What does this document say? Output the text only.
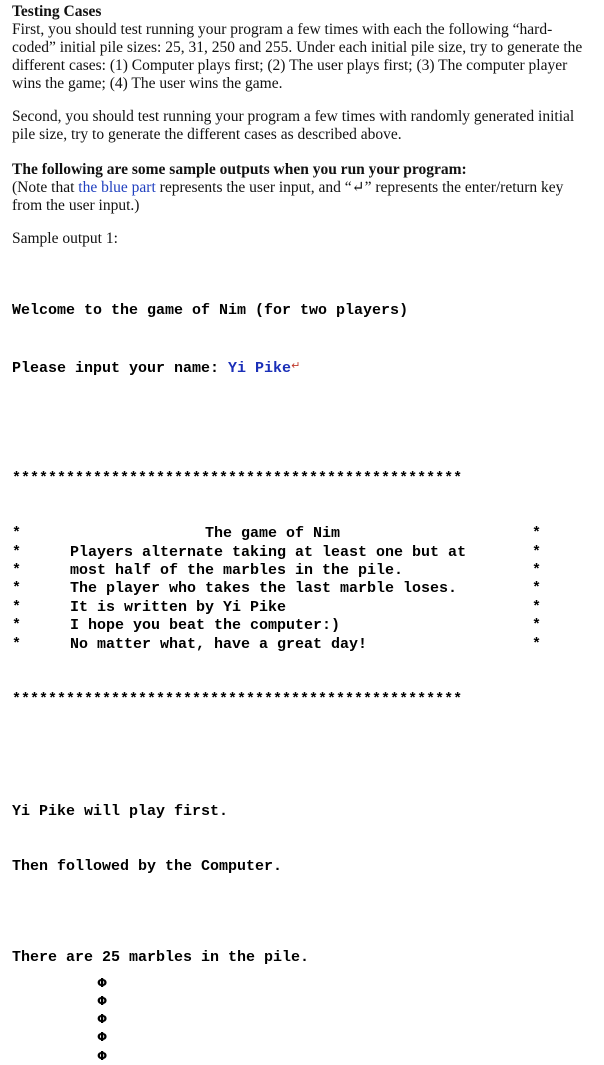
Testing Cases

First, you should test running your program a few times with each the following “hard-coded” initial pile sizes: 25, 31, 250 and 255. Under each initial pile size, try to generate the different cases: (1) Computer plays first; (2) The user plays first; (3) The computer player wins the game; (4) The user wins the game.

Second, you should test running your program a few times with randomly generated initial pile size, try to generate the different cases as described above.

The following are some sample outputs when you run your program:
(Note that the blue part represents the user input, and “↵” represents the enter/return key from the user input.)
Sample output 1:

Welcome to the game of Nim (for two players)

Please input your name: Yi Pike↵

**************************************************

*	The game of Nim	*
*	Players alternate taking at least one but at	*
*	most half of the marbles in the pile.	*
*	The player who takes the last marble loses.	*
*	It is written by Yi Pike	*
*	I hope you beat the computer:)	*
*	No matter what, have a great day!	*

**************************************************

Yi Pike will play first.

Then followed by the Computer.

There are 25 marbles in the pile.
Φ
Φ
Φ
Φ
Φ
